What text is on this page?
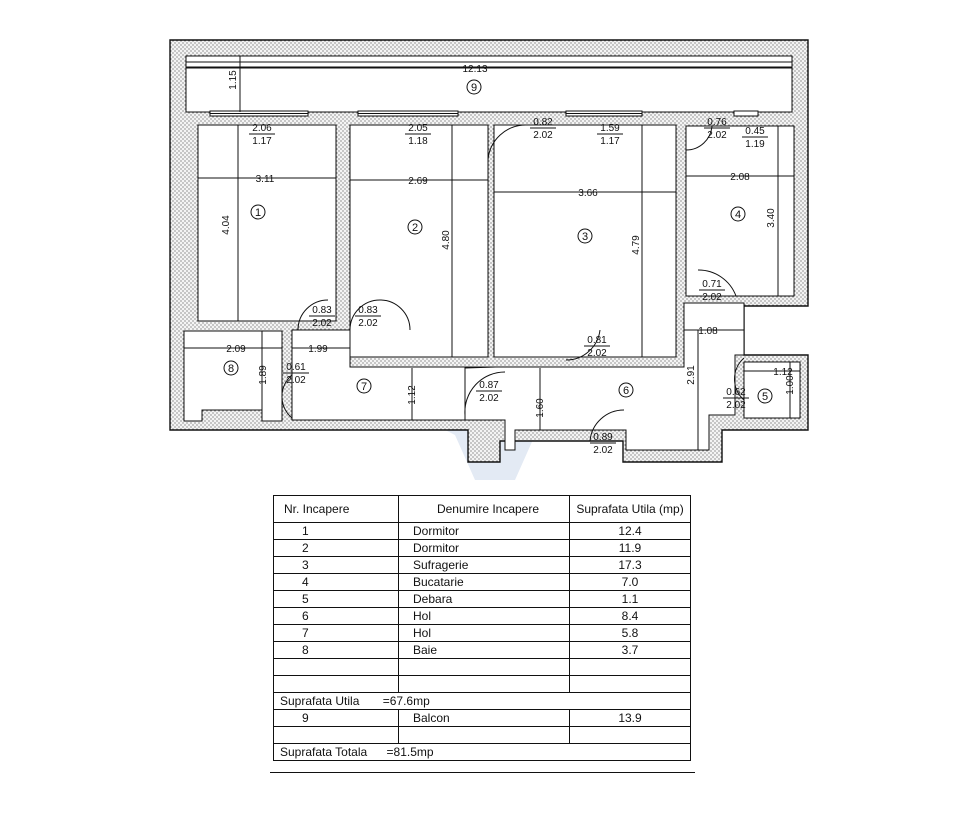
12.13
1.15
3.11
4.04
2.69
4.80
3.66
4.79
2.08
3.40
2.09
1.89
1.99
1.12
1.08
2.91
1.60
1.12
1.00
2.06
1.17
2.05
1.18
0.82
2.02
1.59
1.17
0.76
2.02 0.45
1.19
0.83
2.02
0.83
2.02
0.61
2.02
0.71
2.02
0.81
2.02
0.87
2.02
0.62
2.02
0.89
2.02
1
2
3
4
5
6
7
8
9
Nr. Incapere	Denumire Incapere	Suprafata Utila (mp)
1	Dormitor	12.4
2	Dormitor	11.9
3	Sufragerie	17.3
4	Bucatarie	7.0
5	Debara	1.1
6	Hol	8.4
7	Hol	5.8
8	Baie	3.7

Suprafata Utila =67.6mp		
9	Balcon	13.9

Suprafata Totala =81.5mp		
